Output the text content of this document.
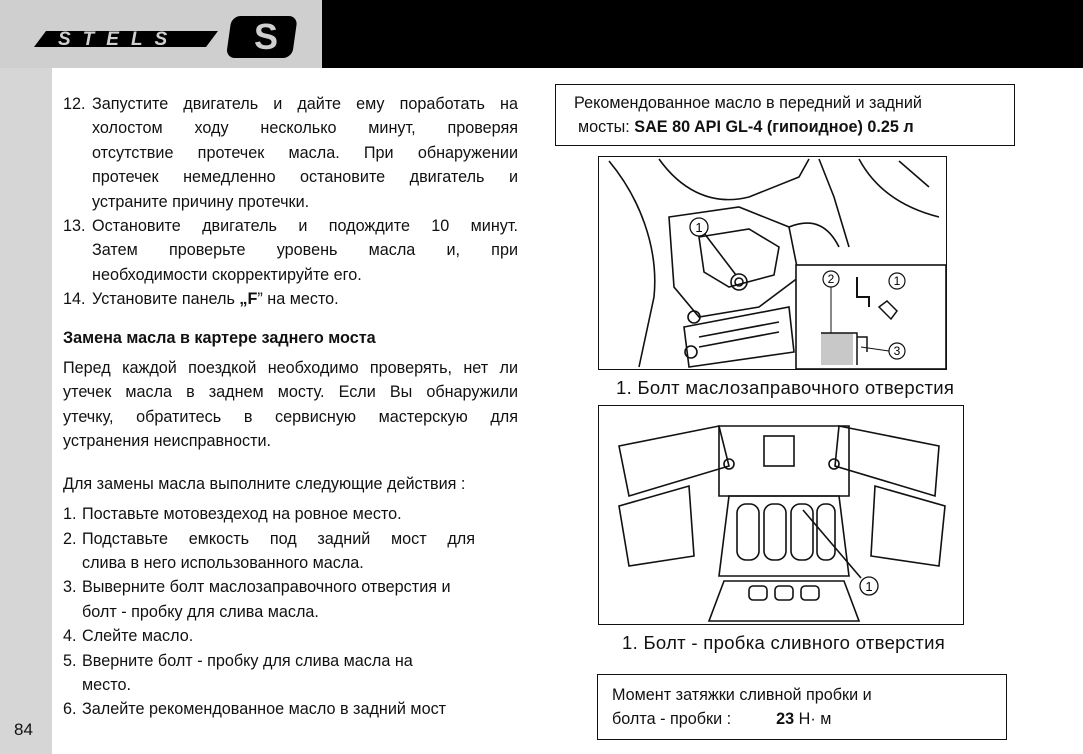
STELS S
84

12. Запустите двигатель и дайте ему поработать на

холостом ходу несколько минут, проверяя

отсутствие протечек масла. При обнаружении

протечек немедленно остановите двигатель и

устраните причину протечки.

13. Остановите двигатель и подождите 10 минут.

Затем проверьте уровень масла и, при

необходимости скорректируйте его.

14. Установите панель „F” на место.

Замена масла в картере заднего моста

Перед каждой поездкой необходимо проверять, нет ли

утечек масла в заднем мосту. Если Вы обнаружили

утечку, обратитесь в сервисную мастерскую для

устранения неисправности.

Для замены масла выполните следующие действия :

1. Поставьте мотовездеход на ровное место.

2. Подставьте емкость под задний мост для

слива в него использованного масла.

3. Выверните болт маслозаправочного отверстия и

болт - пробку для слива масла.

4. Слейте масло.

5. Вверните болт - пробку для слива масла на

место.

6. Залейте рекомендованное масло в задний мост

Рекомендованное масло в передний и задний
мосты: SAE 80 API GL-4 (гипоидное) 0.25 л
1
2	1
3
1. Болт маслозаправочного отверстия
1
1. Болт - пробка сливного отверстия
Момент затяжки сливной пробки и
болта - пробки :          23 Н· м
